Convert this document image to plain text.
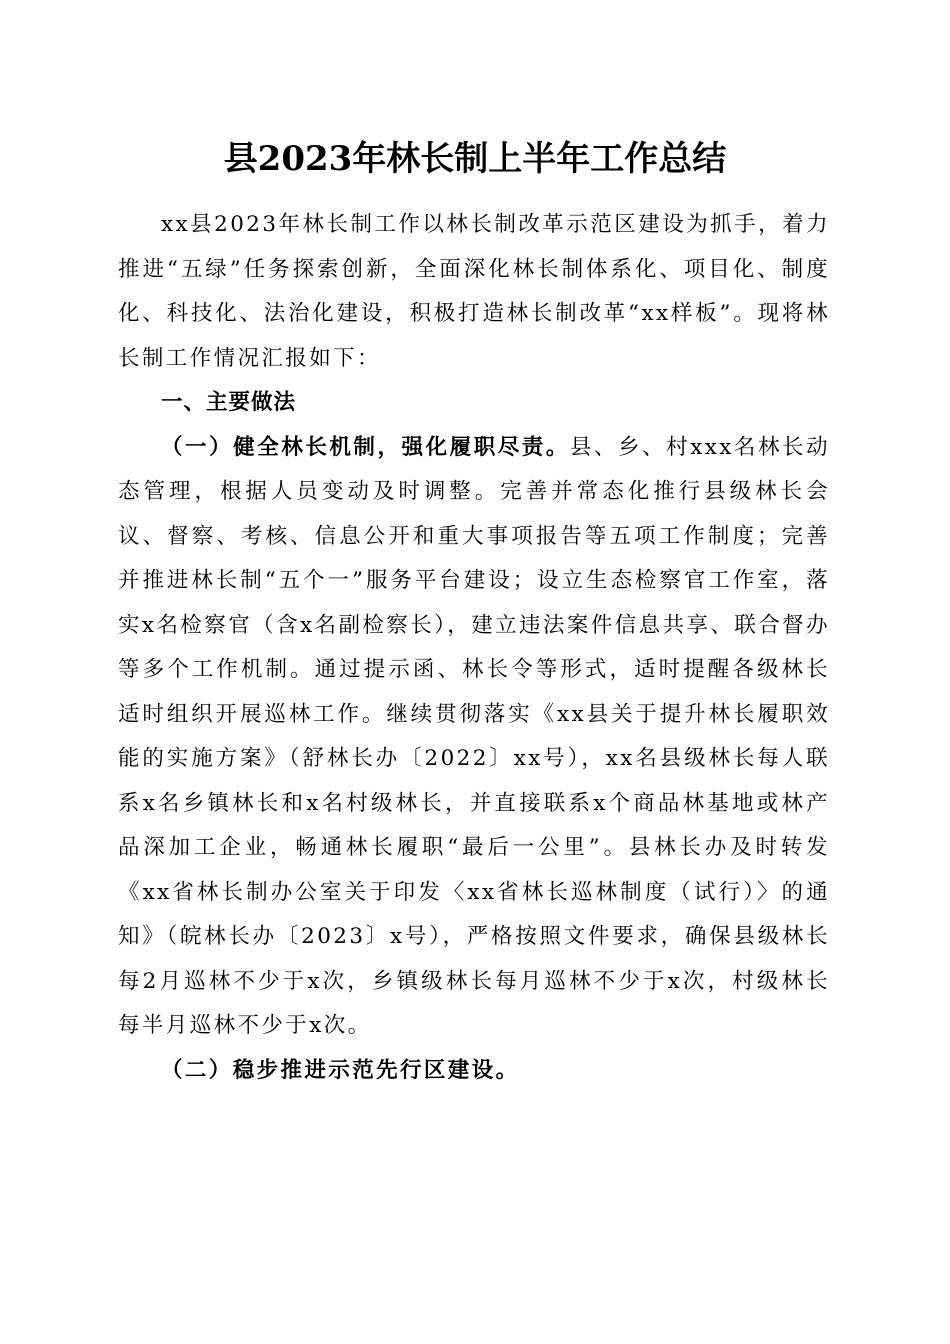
县2023年林长制上半年工作总结

xx县2023年林长制工作以林长制改革示范区建设为抓手，着力推进“五绿”任务探索创新，全面深化林长制体系化、项目化、制度化、科技化、法治化建设，积极打造林长制改革“xx样板”。现将林长制工作情况汇报如下：

一、主要做法

（一）健全林长机制，强化履职尽责。县、乡、村xxx名林长动态管理，根据人员变动及时调整。完善并常态化推行县级林长会议、督察、考核、信息公开和重大事项报告等五项工作制度；完善并推进林长制“五个一”服务平台建设；设立生态检察官工作室，落实x名检察官（含x名副检察长），建立违法案件信息共享、联合督办等多个工作机制。通过提示函、林长令等形式，适时提醒各级林长适时组织开展巡林工作。继续贯彻落实《xx县关于提升林长履职效能的实施方案》（舒林长办〔2022〕xx号），xx名县级林长每人联系x名乡镇林长和x名村级林长，并直接联系x个商品林基地或林产品深加工企业，畅通林长履职“最后一公里”。县林长办及时转发《xx省林长制办公室关于印发〈xx省林长巡林制度（试行）〉的通知》（皖林长办〔2023〕x号），严格按照文件要求，确保县级林长每2月巡林不少于x次，乡镇级林长每月巡林不少于x次，村级林长每半月巡林不少于x次。

（二）稳步推进示范先行区建设。
